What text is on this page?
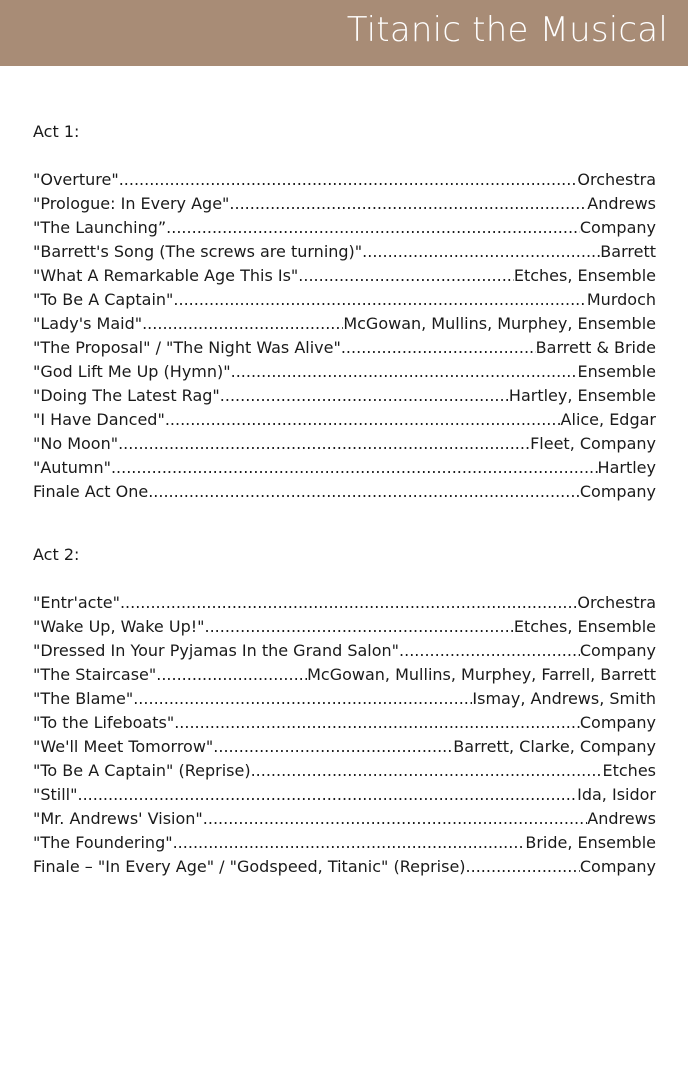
Titanic the Musical

Act 1:

"Overture" .....	Orchestra
"Prologue: In Every Age" .....	Andrews
"The Launching” .....	Company
"Barrett's Song (The screws are turning)" .....	Barrett
"What A Remarkable Age This Is" .....	Etches, Ensemble
"To Be A Captain" .....	Murdoch
"Lady's Maid" .....	McGowan, Mullins, Murphey, Ensemble
"The Proposal" / "The Night Was Alive" .....	Barrett & Bride
"God Lift Me Up (Hymn)" .....	Ensemble
"Doing The Latest Rag" .....	Hartley, Ensemble
"I Have Danced" .....	Alice, Edgar
"No Moon" .....	Fleet, Company
"Autumn" .....	Hartley
Finale Act One .....	Company

Act 2:

"Entr'acte" .....	Orchestra
"Wake Up, Wake Up!" .....	Etches, Ensemble
"Dressed In Your Pyjamas In the Grand Salon" .....	Company
"The Staircase" .....	McGowan, Mullins, Murphey, Farrell, Barrett
"The Blame" .....	Ismay, Andrews, Smith
"To the Lifeboats" .....	Company
"We'll Meet Tomorrow" .....	Barrett, Clarke, Company
"To Be A Captain" (Reprise) .....	Etches
"Still" .....	Ida, Isidor
"Mr. Andrews' Vision" .....	Andrews
"The Foundering" .....	Bride, Ensemble
Finale – "In Every Age" / "Godspeed, Titanic" (Reprise) .....	Company
